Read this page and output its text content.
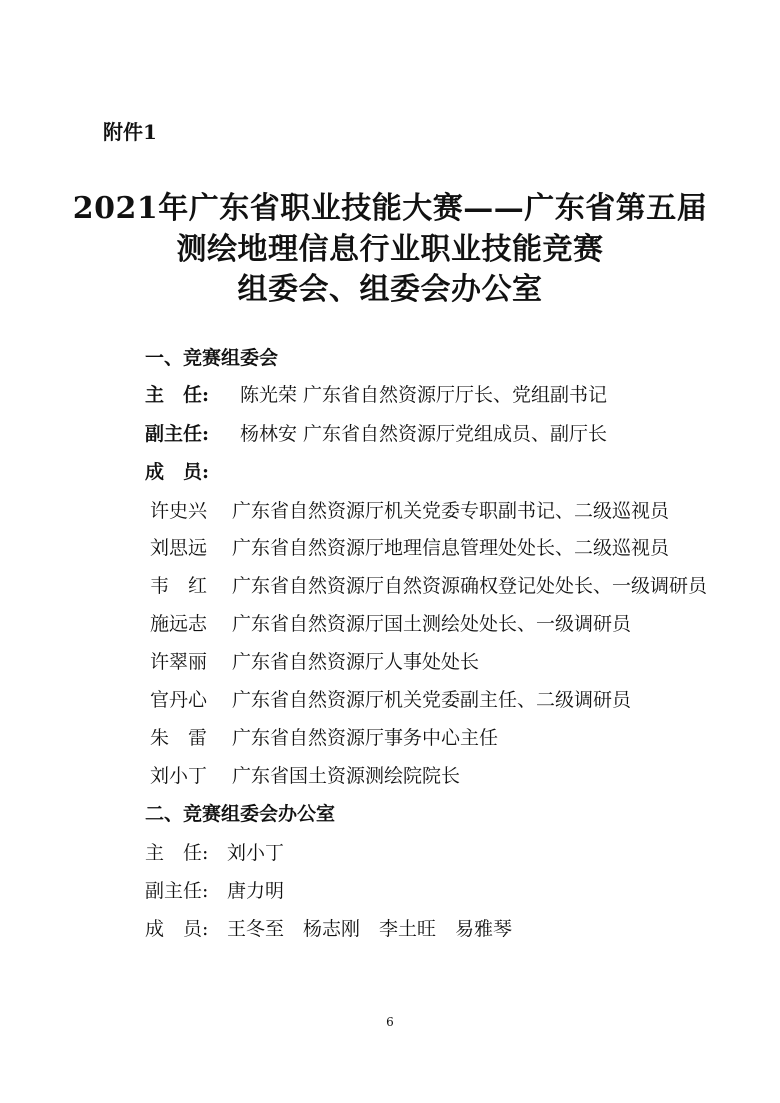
附件1
2021年广东省职业技能大赛——广东省第五届
测绘地理信息行业职业技能竞赛
组委会、组委会办公室
一、竞赛组委会
主　任: 陈光荣 广东省自然资源厅厅长、党组副书记
副主任: 杨林安 广东省自然资源厅党组成员、副厅长
成　员:
许史兴 广东省自然资源厅机关党委专职副书记、二级巡视员
刘思远 广东省自然资源厅地理信息管理处处长、二级巡视员
韦　红 广东省自然资源厅自然资源确权登记处处长、一级调研员
施远志 广东省自然资源厅国土测绘处处长、一级调研员
许翠丽 广东省自然资源厅人事处处长
官丹心 广东省自然资源厅机关党委副主任、二级调研员
朱　雷 广东省自然资源厅事务中心主任
刘小丁 广东省国土资源测绘院院长
二、竞赛组委会办公室
主　任: 刘小丁
副主任: 唐力明
成　员: 王冬至　杨志刚　李土旺　易雅琴
6
